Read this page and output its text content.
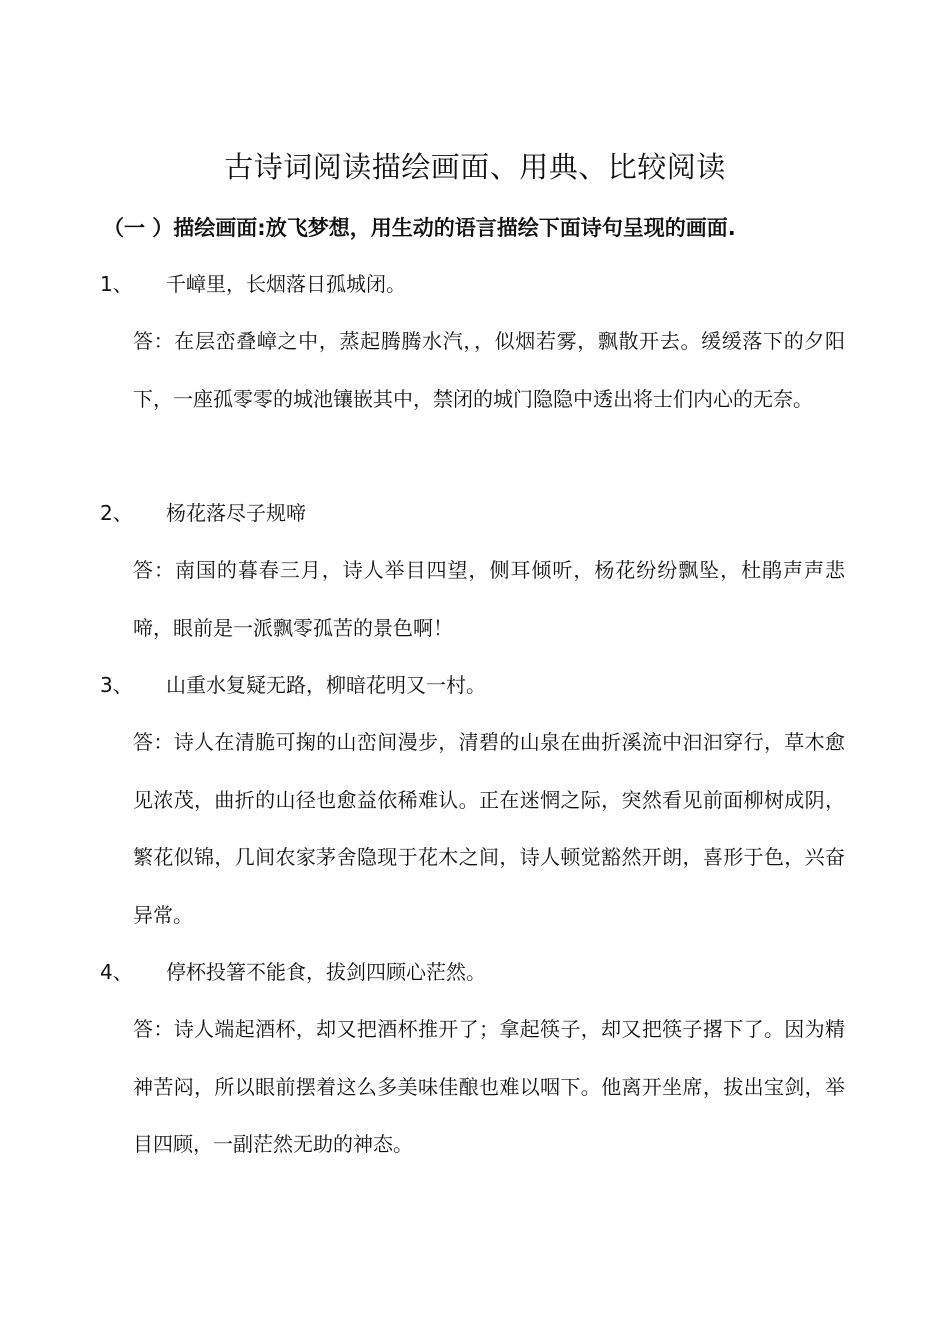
古诗词阅读描绘画面、用典、比较阅读
（一 ）描绘画面:放飞梦想，用生动的语言描绘下面诗句呈现的画面.
1、 千嶂里，长烟落日孤城闭。
答：在层峦叠嶂之中，蒸起腾腾水汽，，似烟若雾，飘散开去。缓缓落下的夕阳下，一座孤零零的城池镶嵌其中，禁闭的城门隐隐中透出将士们内心的无奈。
2、 杨花落尽子规啼
答：南国的暮春三月，诗人举目四望，侧耳倾听，杨花纷纷飘坠，杜鹃声声悲啼，眼前是一派飘零孤苦的景色啊！
3、 山重水复疑无路，柳暗花明又一村。
答：诗人在清脆可掬的山峦间漫步，清碧的山泉在曲折溪流中汩汩穿行，草木愈见浓茂，曲折的山径也愈益依稀难认。正在迷惘之际，突然看见前面柳树成阴，繁花似锦，几间农家茅舍隐现于花木之间，诗人顿觉豁然开朗，喜形于色，兴奋异常。
4、 停杯投箸不能食，拔剑四顾心茫然。
答：诗人端起酒杯，却又把酒杯推开了；拿起筷子，却又把筷子撂下了。因为精神苦闷，所以眼前摆着这么多美味佳酿也难以咽下。他离开坐席，拔出宝剑，举目四顾，一副茫然无助的神态。
